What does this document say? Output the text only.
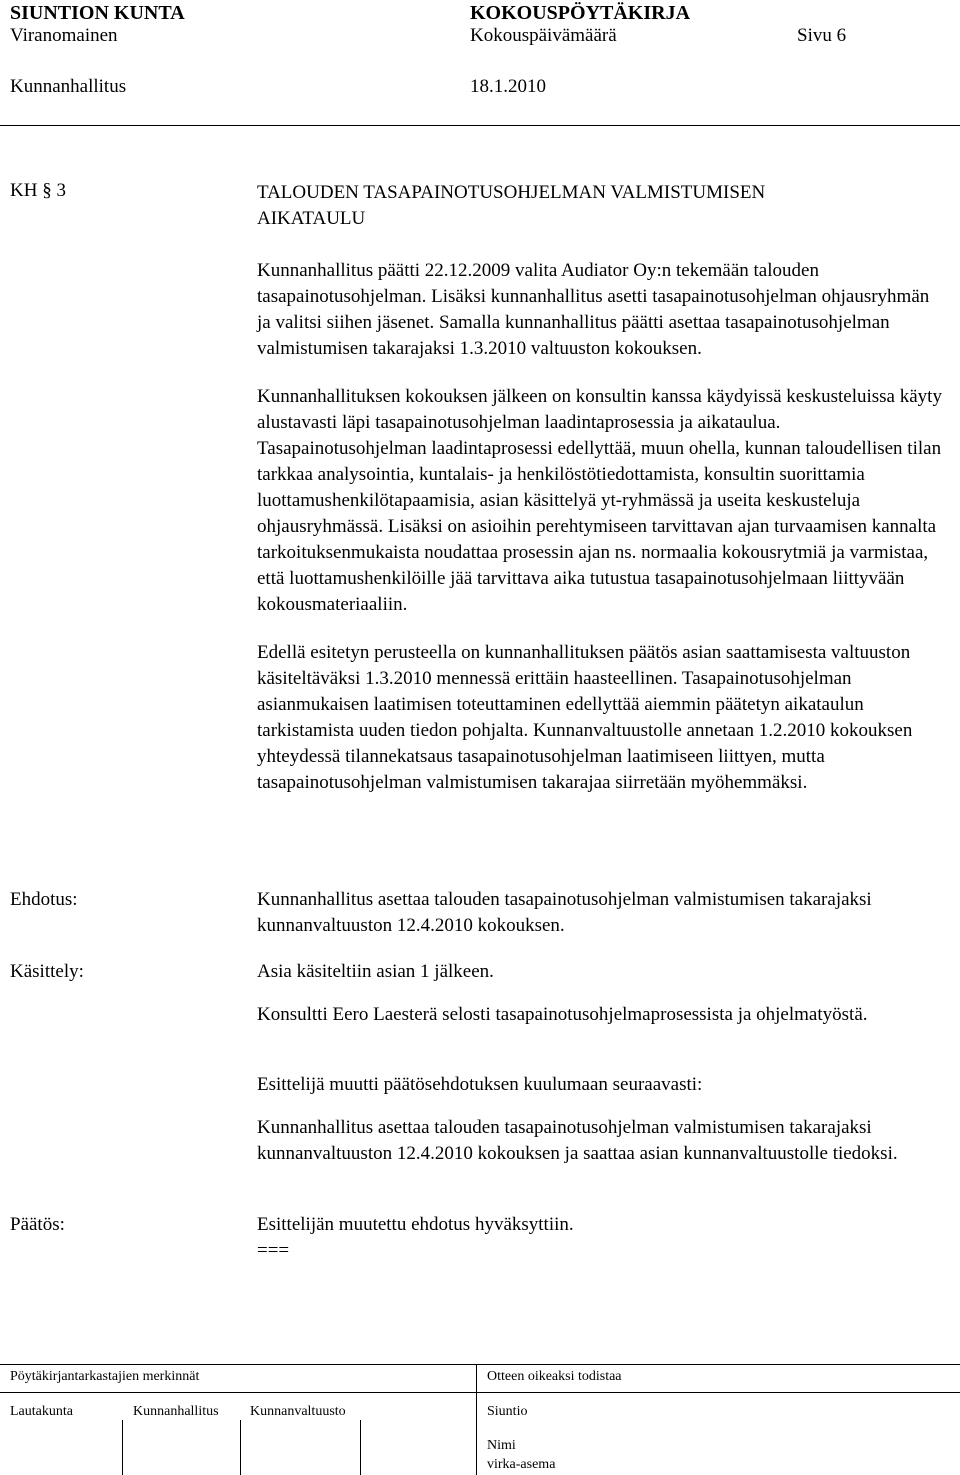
SIUNTION KUNTA	KOKOUSPÖYTÄKIRJA
Viranomainen	Kokouspäivämäärä	Sivu 6
Kunnanhallitus	18.1.2010
KH § 3	TALOUDEN TASAPAINOTUSOHJELMAN VALMISTUMISEN
AIKATAULU

Kunnanhallitus päätti 22.12.2009 valita Audiator Oy:n tekemään talouden tasapainotusohjelman. Lisäksi kunnanhallitus asetti tasapainotusohjelman ohjausryhmän ja valitsi siihen jäsenet. Samalla kunnanhallitus päätti asettaa tasapainotusohjelman valmistumisen takarajaksi 1.3.2010 valtuuston kokouksen.

Kunnanhallituksen kokouksen jälkeen on konsultin kanssa käydyissä keskusteluissa käyty alustavasti läpi tasapainotusohjelman laadintaprosessia ja aikataulua. Tasapainotusohjelman laadintaprosessi edellyttää, muun ohella, kunnan taloudellisen tilan tarkkaa analysointia, kuntalais- ja henkilöstötiedottamista, konsultin suorittamia luottamushenkilötapaamisia, asian käsittelyä yt-ryhmässä ja useita keskusteluja ohjausryhmässä. Lisäksi on asioihin perehtymiseen tarvittavan ajan turvaamisen kannalta tarkoituksenmukaista noudattaa prosessin ajan ns. normaalia kokousrytmiä ja varmistaa, että luottamushenkilöille jää tarvittava aika tutustua tasapainotusohjelmaan liittyvään kokousmateriaaliin.

Edellä esitetyn perusteella on kunnanhallituksen päätös asian saattamisesta valtuuston käsiteltäväksi 1.3.2010 mennessä erittäin haasteellinen. Tasapainotusohjelman asianmukaisen laatimisen toteuttaminen edellyttää aiemmin päätetyn aikataulun tarkistamista uuden tiedon pohjalta. Kunnanvaltuustolle annetaan 1.2.2010 kokouksen yhteydessä tilannekatsaus tasapainotusohjelman laatimiseen liittyen, mutta tasapainotusohjelman valmistumisen takarajaa siirretään myöhemmäksi.

Ehdotus:	Kunnanhallitus asettaa talouden tasapainotusohjelman valmistumisen takarajaksi kunnanvaltuuston 12.4.2010 kokouksen.
Käsittely:	Asia käsiteltiin asian 1 jälkeen.
Konsultti Eero Laesterä selosti tasapainotusohjelmaprosessista ja ohjelmatyöstä.
Esittelijä muutti päätösehdotuksen kuulumaan seuraavasti:
Kunnanhallitus asettaa talouden tasapainotusohjelman valmistumisen takarajaksi kunnanvaltuuston 12.4.2010 kokouksen ja saattaa asian kunnanvaltuustolle tiedoksi.
Päätös:	Esittelijän muutettu ehdotus hyväksyttiin.
===
Pöytäkirjantarkastajien merkinnät	Otteen oikeaksi todistaa
Lautakunta	Kunnanhallitus Kunnanvaltuusto	Siuntio
Nimi
virka-asema
